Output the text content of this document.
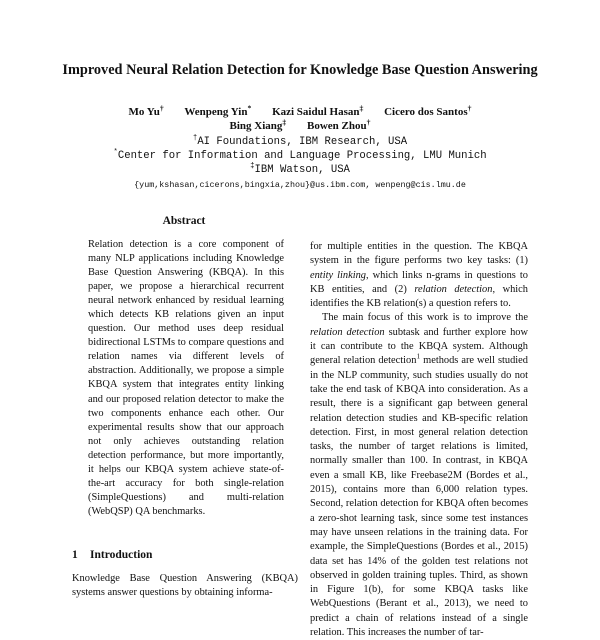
Improved Neural Relation Detection for Knowledge Base Question Answering
Mo Yu† Wenpeng Yin* Kazi Saidul Hasan‡ Cicero dos Santos†
Bing Xiang‡ Bowen Zhou†
†AI Foundations, IBM Research, USA
*Center for Information and Language Processing, LMU Munich
‡IBM Watson, USA
{yum,kshasan,cicerons,bingxia,zhou}@us.ibm.com, wenpeng@cis.lmu.de
Abstract
Relation detection is a core component of many NLP applications including Knowledge Base Question Answering (KBQA). In this paper, we propose a hierarchical recurrent neural network enhanced by residual learning which detects KB relations given an input question. Our method uses deep residual bidirectional LSTMs to compare questions and relation names via different levels of abstraction. Additionally, we propose a simple KBQA system that integrates entity linking and our proposed relation detector to make the two components enhance each other. Our experimental results show that our approach not only achieves outstanding relation detection performance, but more importantly, it helps our KBQA system achieve state-of-the-art accuracy for both single-relation (SimpleQuestions) and multi-relation (WebQSP) QA benchmarks.
1 Introduction
Knowledge Base Question Answering (KBQA) systems answer questions by obtaining informa-

for multiple entities in the question. The KBQA system in the figure performs two key tasks: (1) entity linking, which links n-grams in questions to KB entities, and (2) relation detection, which identifies the KB relation(s) a question refers to.

The main focus of this work is to improve the relation detection subtask and further explore how it can contribute to the KBQA system. Although general relation detection$^1$ methods are well studied in the NLP community, such studies usually do not take the end task of KBQA into consideration. As a result, there is a significant gap between general relation detection studies and KB-specific relation detection. First, in most general relation detection tasks, the number of target relations is limited, normally smaller than 100. In contrast, in KBQA even a small KB, like Freebase2M (Bordes et al., 2015), contains more than 6,000 relation types. Second, relation detection for KBQA often becomes a zero-shot learning task, since some test instances may have unseen relations in the training data. For example, the SimpleQuestions (Bordes et al., 2015) data set has 14% of the golden test relations not observed in golden training tuples. Third, as shown in Figure 1(b), for some KBQA tasks like WebQuestions (Berant et al., 2013), we need to predict a chain of relations instead of a single relation. This increases the number of tar-
